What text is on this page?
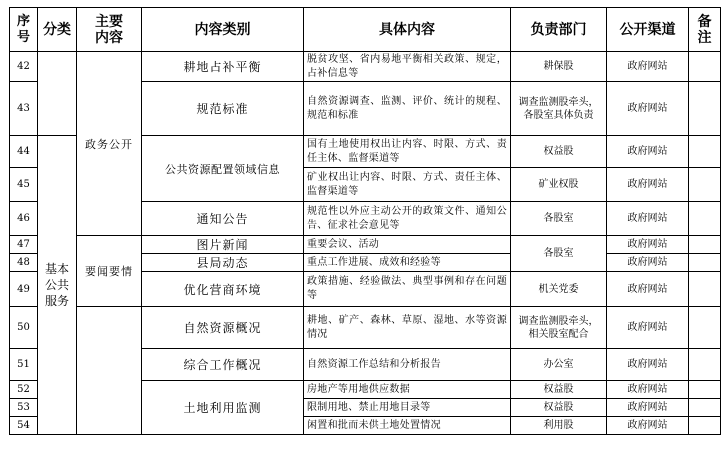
序号	分类	主要内容	内容类别	具体内容	负责部门	公开渠道	备注
42		政务公开	耕地占补平衡	脱贫攻坚、省内易地平衡相关政策、规定，占补信息等	耕保股	政府网站	
43			规范标准	自然资源调查、监测、评价、统计的规程、规范和标准	调查监测股牵头，各股室具体负责	政府网站	
44	基本公共服务		公共资源配置领域信息	国有土地使用权出让内容、时限、方式、责任主体、监督渠道等	权益股	政府网站	
45				矿业权出让内容、时限、方式、责任主体、监督渠道等	矿业权股	政府网站	
46			通知公告	规范性以外应主动公开的政策文件、通知公告、征求社会意见等	各股室	政府网站	
47		要闻要情	图片新闻	重要会议、活动	各股室	政府网站	
48			县局动态	重点工作进展、成效和经验等		政府网站	
49			优化营商环境	政策措施、经验做法、典型事例和存在问题等	机关党委	政府网站	
50			自然资源概况	耕地、矿产、森林、草原、湿地、水等资源情况	调查监测股牵头，相关股室配合	政府网站	
51			综合工作概况	自然资源工作总结和分析报告	办公室	政府网站	
52			土地利用监测	房地产等用地供应数据	权益股	政府网站	
53				限制用地、禁止用地目录等	权益股	政府网站	
54				闲置和批而未供土地处置情况	利用股	政府网站	
